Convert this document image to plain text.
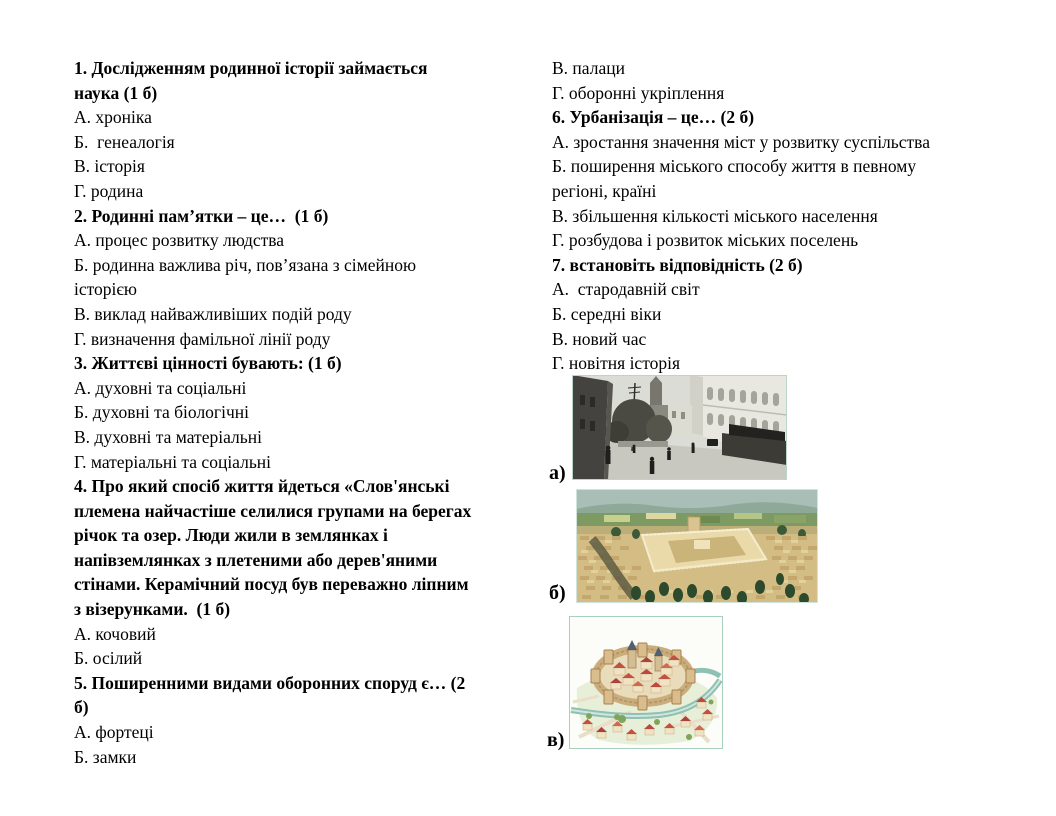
1. Дослідженням родинної історії займається
наука (1 б)
А. хроніка
Б.  генеалогія
В. історія
Г. родина
2. Родинні пам’ятки – це…  (1 б)
А. процес розвитку людства
Б. родинна важлива річ, пов’язана з сімейною
історією
В. виклад найважливіших подій роду
Г. визначення фамільної лінії роду
3. Життєві цінності бувають: (1 б)
А. духовні та соціальні
Б. духовні та біологічні
В. духовні та матеріальні
Г. матеріальні та соціальні
4. Про який спосіб життя йдеться «Слов'янські
племена найчастіше селилися групами на берегах
річок та озер. Люди жили в землянках і
напівземлянках з плетеними або дерев'яними
стінами. Керамічний посуд був переважно ліпним
з візерунками.  (1 б)
А. кочовий
Б. осілий
5. Поширенними видами оборонних споруд є… (2
б)
А. фортеці
Б. замки
В. палаци
Г. оборонні укріплення
6. Урбанізація – це… (2 б)
А. зростання значення міст у розвитку суспільства
Б. поширення міського способу життя в певному
регіоні, країні
В. збільшення кількості міського населення
Г. розбудова і розвиток міських поселень
7. встановіть відповідність (2 б)
А.  стародавній світ
Б. середні віки
В. новий час
Г. новітня історія
а)
б)
в)
